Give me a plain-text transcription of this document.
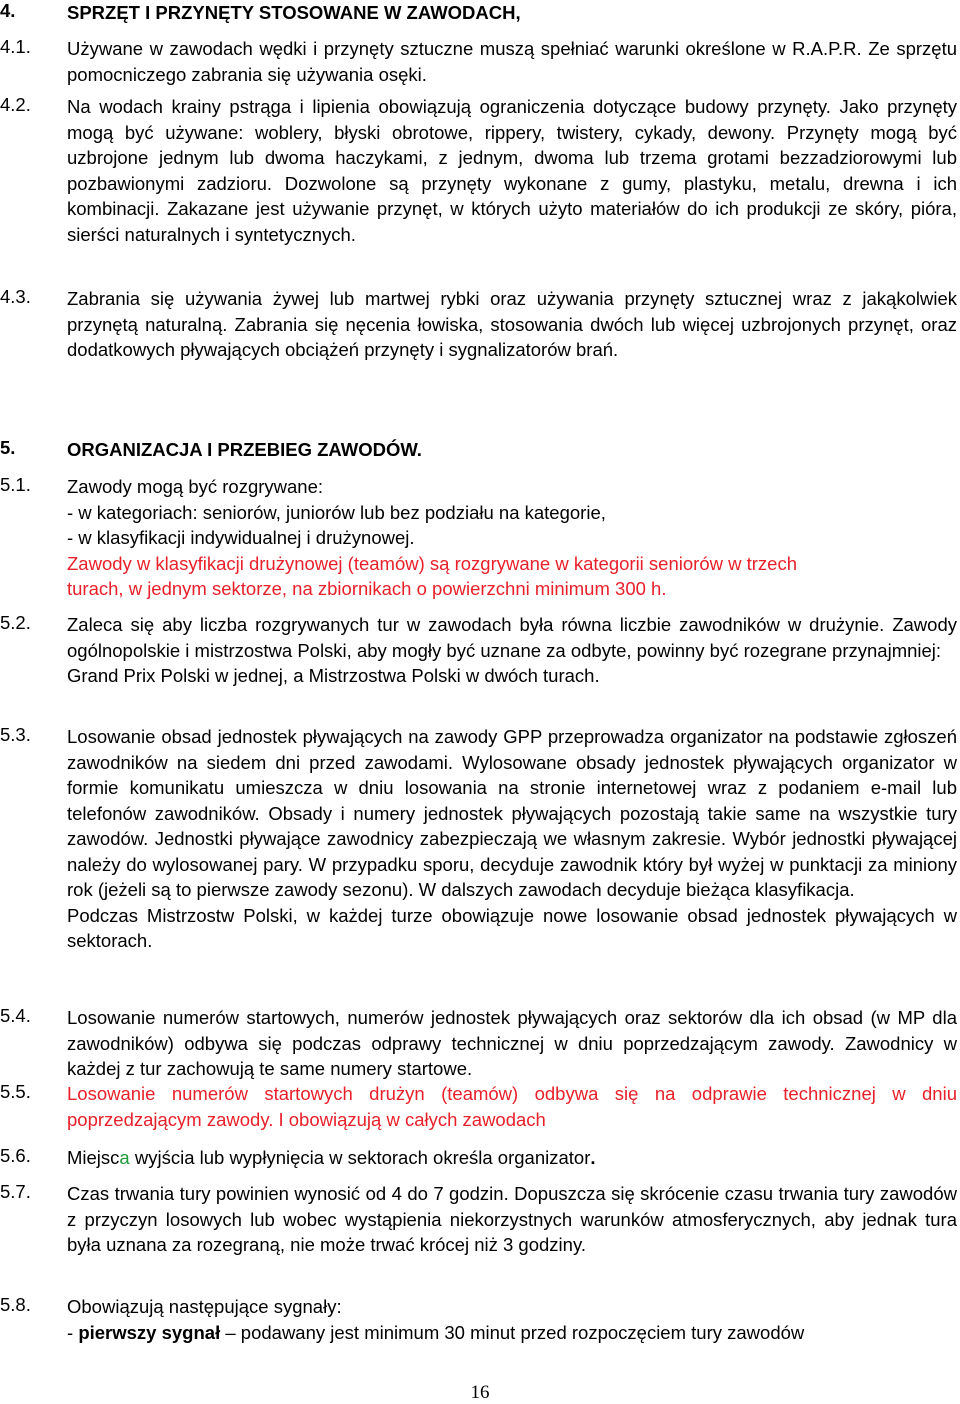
4.	SPRZĘT I PRZYNĘTY STOSOWANE W ZAWODACH,
4.1. Używane w zawodach wędki i przynęty sztuczne muszą spełniać warunki określone w R.A.P.R. Ze sprzętu pomocniczego zabrania się używania osęki.
4.2. Na wodach krainy pstrąga i lipienia obowiązują ograniczenia dotyczące budowy przynęty. Jako przynęty mogą być używane: woblery, błyski obrotowe, rippery, twistery, cykady, dewony. Przynęty mogą być uzbrojone jednym lub dwoma haczykami, z jednym, dwoma lub trzema grotami bezzadziorowymi lub pozbawionymi zadzioru. Dozwolone są przynęty wykonane z gumy, plastyku, metalu, drewna i ich kombinacji. Zakazane jest używanie przynęt, w których użyto materiałów do ich produkcji ze skóry, pióra, sierści naturalnych i syntetycznych.
4.3. Zabrania się używania żywej lub martwej rybki oraz używania przynęty sztucznej wraz z jakąkolwiek przynętą naturalną. Zabrania się nęcenia łowiska, stosowania dwóch lub więcej uzbrojonych przynęt, oraz dodatkowych pływających obciążeń przynęty i sygnalizatorów brań.
5.	ORGANIZACJA I PRZEBIEG ZAWODÓW.
5.1. Zawody mogą być rozgrywane:

- w kategoriach: seniorów, juniorów lub bez podziału na kategorie,

- w klasyfikacji indywidualnej i drużynowej.

Zawody w klasyfikacji drużynowej (teamów) są rozgrywane w kategorii seniorów w trzech

turach, w jednym sektorze, na zbiornikach o powierzchni minimum 300 h.

5.2. Zaleca się aby liczba rozgrywanych tur w zawodach była równa liczbie zawodników w drużynie. Zawody ogólnopolskie i mistrzostwa Polski, aby mogły być uznane za odbyte, powinny być rozegrane przynajmniej:

Grand Prix Polski w jednej, a Mistrzostwa Polski w dwóch turach.

5.3. Losowanie obsad jednostek pływających na zawody GPP przeprowadza organizator na podstawie zgłoszeń zawodników na siedem dni przed zawodami. Wylosowane obsady jednostek pływających organizator w formie komunikatu umieszcza w dniu losowania na stronie internetowej wraz z podaniem e-mail lub telefonów zawodników. Obsady i numery jednostek pływających pozostają takie same na wszystkie tury zawodów. Jednostki pływające zawodnicy zabezpieczają we własnym zakresie. Wybór jednostki pływającej należy do wylosowanej pary. W przypadku sporu, decyduje zawodnik który był wyżej w punktacji za miniony rok (jeżeli są to pierwsze zawody sezonu). W dalszych zawodach decyduje bieżąca klasyfikacja.

Podczas Mistrzostw Polski, w każdej turze obowiązuje nowe losowanie obsad jednostek pływających w sektorach.

5.4. Losowanie numerów startowych, numerów jednostek pływających oraz sektorów dla ich obsad (w MP dla zawodników) odbywa się podczas odprawy technicznej w dniu poprzedzającym zawody. Zawodnicy w każdej z tur zachowują te same numery startowe.
5.5. Losowanie numerów startowych drużyn (teamów) odbywa się na odprawie technicznej w dniu poprzedzającym zawody. I obowiązują w całych zawodach
5.6. Miejsca wyjścia lub wypłynięcia w sektorach określa organizator.
5.7. Czas trwania tury powinien wynosić od 4 do 7 godzin. Dopuszcza się skrócenie czasu trwania tury zawodów z przyczyn losowych lub wobec wystąpienia niekorzystnych warunków atmosferycznych, aby jednak tura była uznana za rozegraną, nie może trwać krócej niż 3 godziny.
5.8. Obowiązują następujące sygnały:

- pierwszy sygnał – podawany jest minimum 30 minut przed rozpoczęciem tury zawodów

16
